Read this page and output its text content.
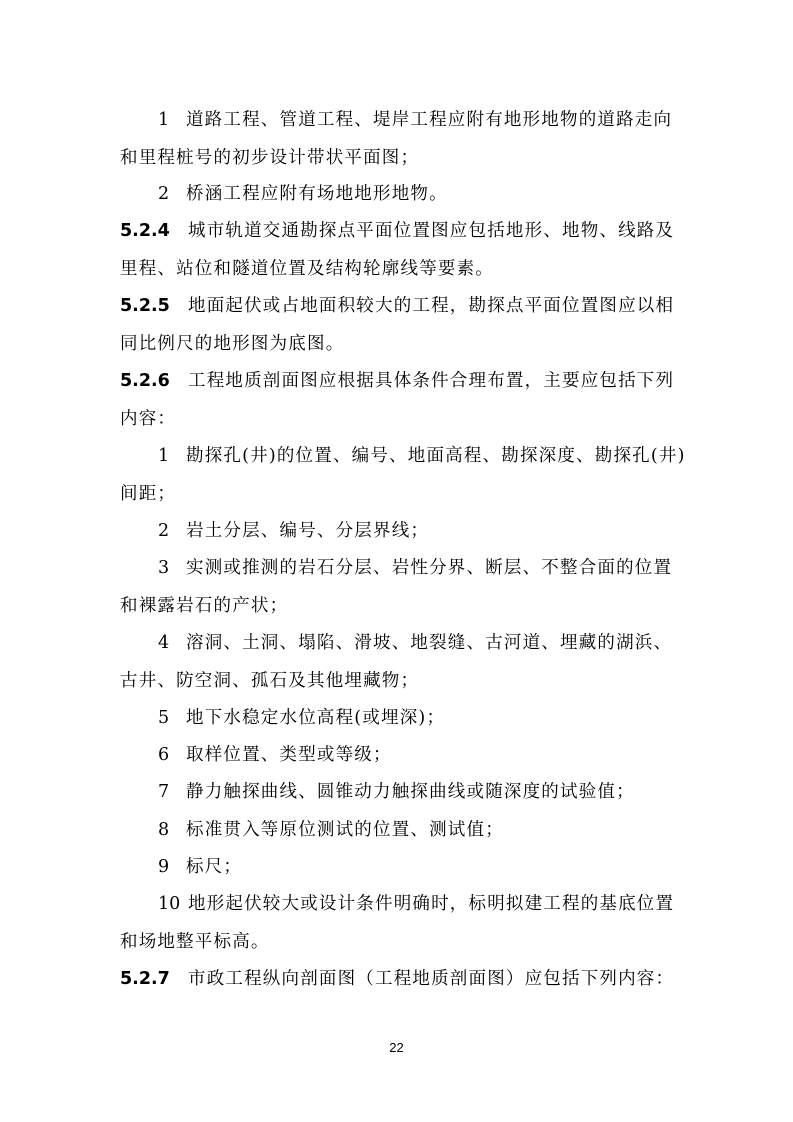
1 道路工程、管道工程、堤岸工程应附有地形地物的道路走向
和里程桩号的初步设计带状平面图；
2 桥涵工程应附有场地地形地物。
5.2.4 城市轨道交通勘探点平面位置图应包括地形、地物、线路及
里程、站位和隧道位置及结构轮廓线等要素。
5.2.5 地面起伏或占地面积较大的工程，勘探点平面位置图应以相
同比例尺的地形图为底图。
5.2.6 工程地质剖面图应根据具体条件合理布置，主要应包括下列
内容：
1 勘探孔(井)的位置、编号、地面高程、勘探深度、勘探孔(井)
间距；
2 岩土分层、编号、分层界线；
3 实测或推测的岩石分层、岩性分界、断层、不整合面的位置
和裸露岩石的产状；
4 溶洞、土洞、塌陷、滑坡、地裂缝、古河道、埋藏的湖浜、
古井、防空洞、孤石及其他埋藏物；
5 地下水稳定水位高程(或埋深)；
6 取样位置、类型或等级；
7 静力触探曲线、圆锥动力触探曲线或随深度的试验值；
8 标准贯入等原位测试的位置、测试值；
9 标尺；
10 地形起伏较大或设计条件明确时，标明拟建工程的基底位置
和场地整平标高。
5.2.7 市政工程纵向剖面图（工程地质剖面图）应包括下列内容：
22
